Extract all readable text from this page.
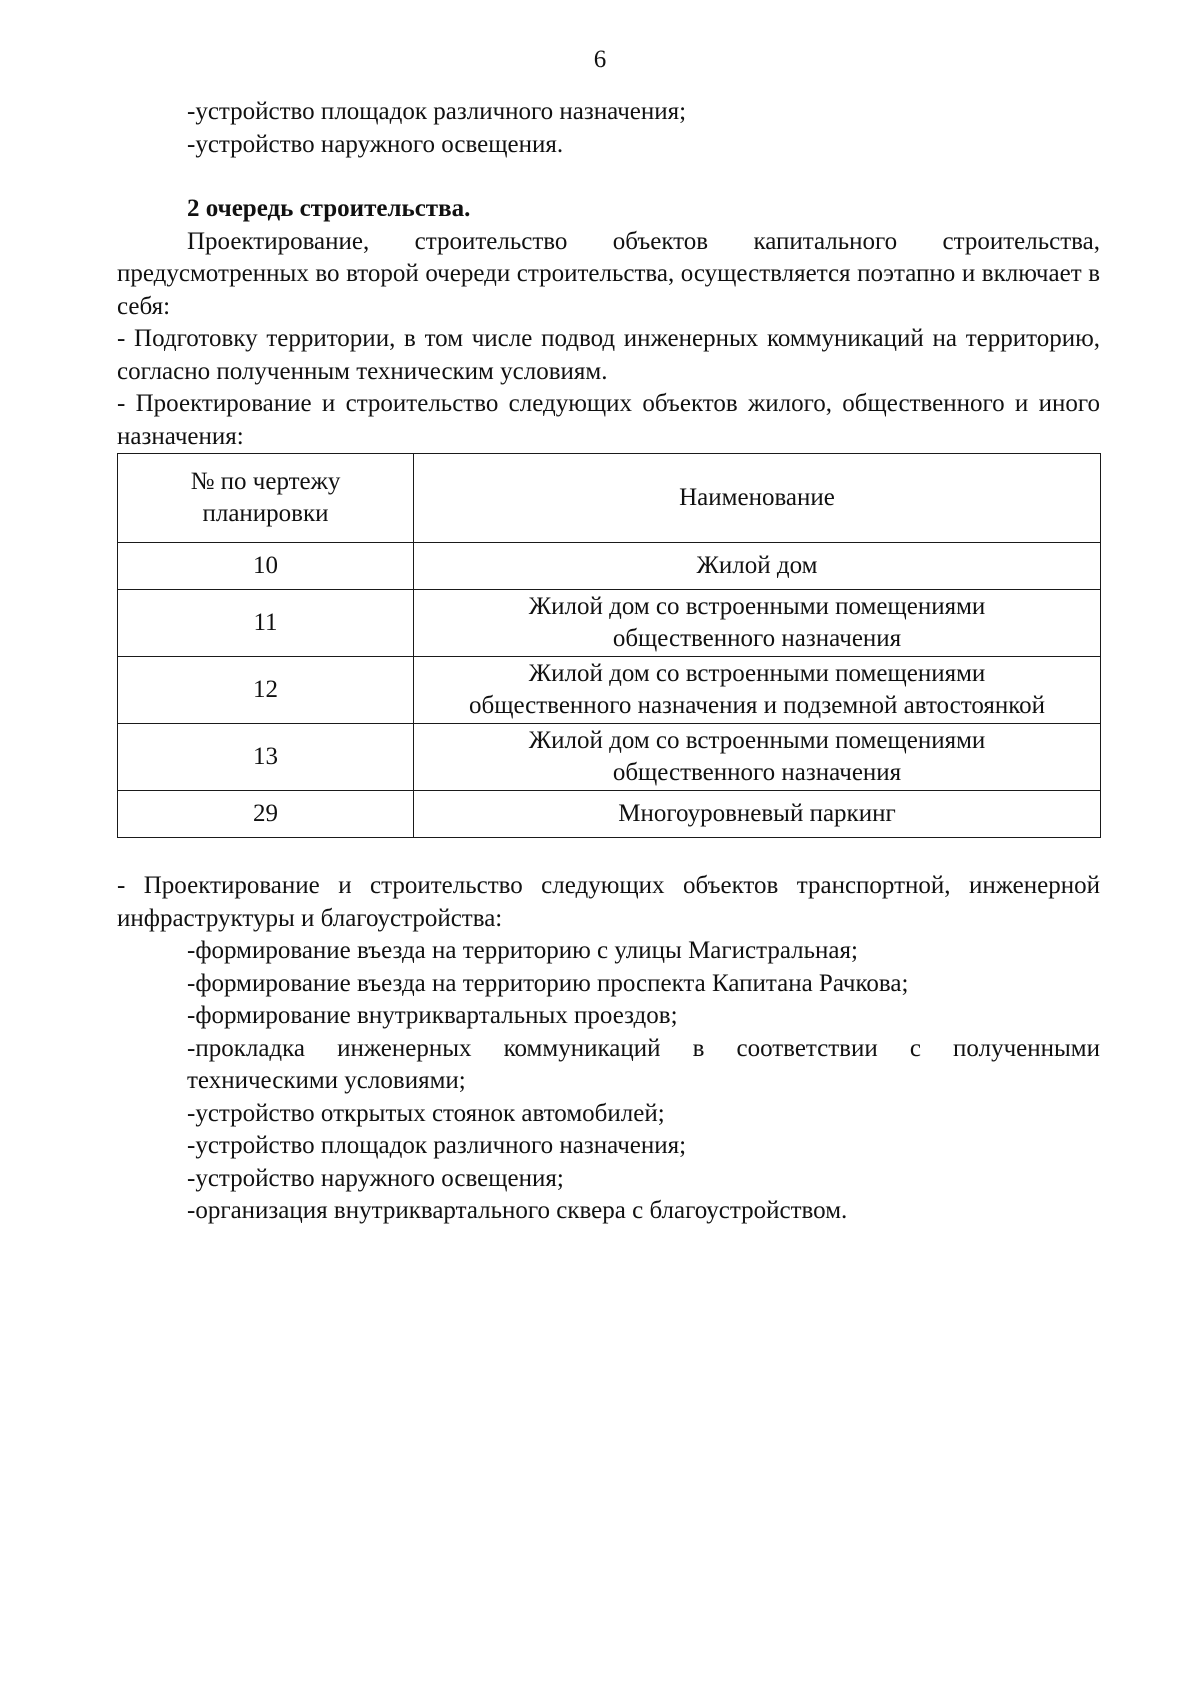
6

-устройство площадок различного назначения;

-устройство наружного освещения.

2 очередь строительства.

Проектирование, строительство объектов капитального строительства, предусмотренных во второй очереди строительства, осуществляется поэтапно и включает в себя:

- Подготовку территории, в том числе подвод инженерных коммуникаций на территорию, согласно полученным техническим условиям.

- Проектирование и строительство следующих объектов жилого, общественного и иного назначения:

№ по чертежу
планировки	Наименование
10	Жилой дом

11	Жилой дом со встроенными помещениями
общественного назначения

12	Жилой дом со встроенными помещениями
общественного назначения и подземной автостоянкой

13	Жилой дом со встроенными помещениями
общественного назначения

29	Многоуровневый паркинг

- Проектирование и строительство следующих объектов транспортной, инженерной инфраструктуры и благоустройства:

-формирование въезда на территорию с улицы Магистральная;

-формирование въезда на территорию проспекта Капитана Рачкова;

-формирование внутриквартальных проездов;

-прокладка инженерных коммуникаций в соответствии с полученными техническими условиями;

-устройство открытых стоянок автомобилей;

-устройство площадок различного назначения;

-устройство наружного освещения;

-организация внутриквартального сквера с благоустройством.
